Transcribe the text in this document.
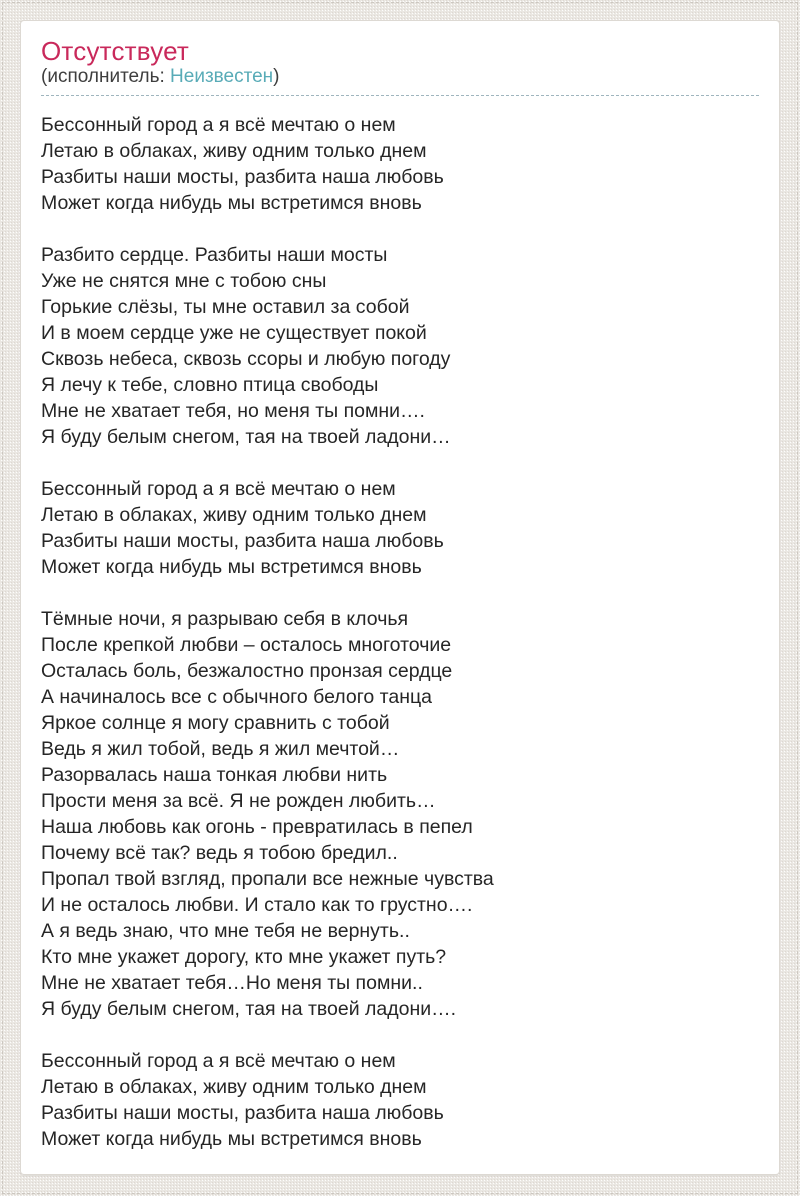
Отсутствует
(исполнитель: Неизвестен)

Бессонный город а я всё мечтаю о нем
Летаю в облаках, живу одним только днем
Разбиты наши мосты, разбита наша любовь
Может когда нибудь мы встретимся вновь

Разбито сердце. Разбиты наши мосты
Уже не снятся мне с тобою сны
Горькие слёзы, ты мне оставил за собой
И в моем сердце уже не существует покой
Сквозь небеса, сквозь ссоры и любую погоду
Я лечу к тебе, словно птица свободы
Мне не хватает тебя, но меня ты помни….
Я буду белым снегом, тая на твоей ладони…

Бессонный город а я всё мечтаю о нем
Летаю в облаках, живу одним только днем
Разбиты наши мосты, разбита наша любовь
Может когда нибудь мы встретимся вновь

Тёмные ночи, я разрываю себя в клочья
После крепкой любви – осталось многоточие
Осталась боль, безжалостно пронзая сердце
А начиналось все с обычного белого танца
Яркое солнце я могу сравнить с тобой
Ведь я жил тобой, ведь я жил мечтой…
Разорвалась наша тонкая любви нить
Прости меня за всё. Я не рожден любить…
Наша любовь как огонь - превратилась в пепел
Почему всё так? ведь я тобою бредил..
Пропал твой взгляд, пропали все нежные чувства
И не осталось любви. И стало как то грустно….
А я ведь знаю, что мне тебя не вернуть..
Кто мне укажет дорогу, кто мне укажет путь?
Мне не хватает тебя…Но меня ты помни..
Я буду белым снегом, тая на твоей ладони….

Бессонный город а я всё мечтаю о нем
Летаю в облаках, живу одним только днем
Разбиты наши мосты, разбита наша любовь
Может когда нибудь мы встретимся вновь
